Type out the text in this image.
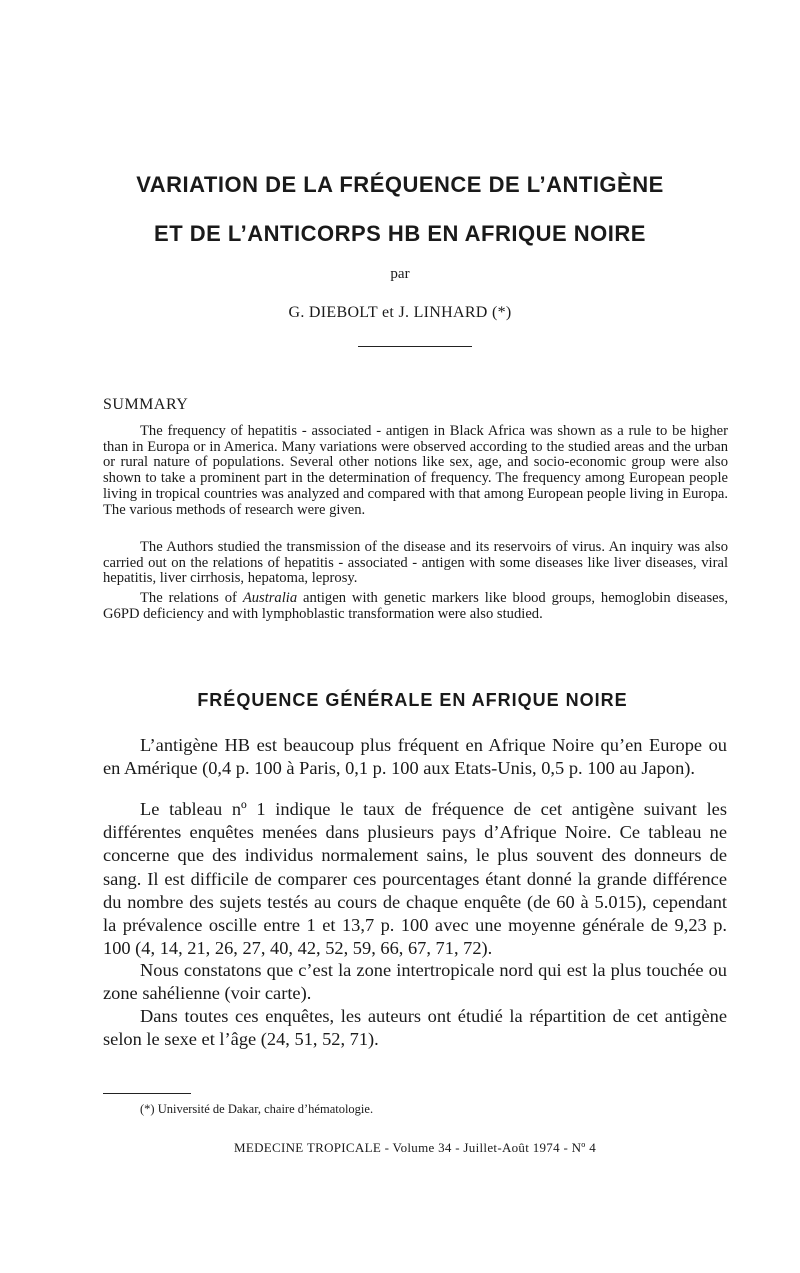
VARIATION DE LA FRÉQUENCE DE L’ANTIGÈNE
ET DE L’ANTICORPS HB EN AFRIQUE NOIRE
par
G. DIEBOLT et J. LINHARD (*)
SUMMARY

The frequency of hepatitis - associated - antigen in Black Africa was shown as a rule to be higher than in Europa or in America. Many variations were observed according to the studied areas and the urban or rural nature of populations. Several other notions like sex, age, and socio-economic group were also shown to take a prominent part in the determination of frequency. The frequency among European people living in tropical countries was analyzed and compared with that among European people living in Europa. The various methods of research were given.

The Authors studied the transmission of the disease and its reservoirs of virus. An inquiry was also carried out on the relations of hepatitis - associated - antigen with some diseases like liver diseases, viral hepatitis, liver cirrhosis, hepatoma, leprosy.

The relations of Australia antigen with genetic markers like blood groups, hemoglobin diseases, G6PD deficiency and with lymphoblastic transformation were also studied.

FRÉQUENCE GÉNÉRALE EN AFRIQUE NOIRE

L’antigène HB est beaucoup plus fréquent en Afrique Noire qu’en Europe ou en Amérique (0,4 p. 100 à Paris, 0,1 p. 100 aux Etats-Unis, 0,5 p. 100 au Japon).

Le tableau nº 1 indique le taux de fréquence de cet antigène suivant les différentes enquêtes menées dans plusieurs pays d’Afrique Noire. Ce tableau ne concerne que des individus normalement sains, le plus souvent des donneurs de sang. Il est difficile de comparer ces pourcentages étant donné la grande différence du nombre des sujets testés au cours de chaque enquête (de 60 à 5.015), cependant la prévalence oscille entre 1 et 13,7 p. 100 avec une moyenne générale de 9,23 p. 100 (4, 14, 21, 26, 27, 40, 42, 52, 59, 66, 67, 71, 72).

Nous constatons que c’est la zone intertropicale nord qui est la plus touchée ou zone sahélienne (voir carte).

Dans toutes ces enquêtes, les auteurs ont étudié la répartition de cet antigène selon le sexe et l’âge (24, 51, 52, 71).

(*) Université de Dakar, chaire d’hématologie.
MEDECINE TROPICALE - Volume 34 - Juillet-Août 1974 - Nº 4
